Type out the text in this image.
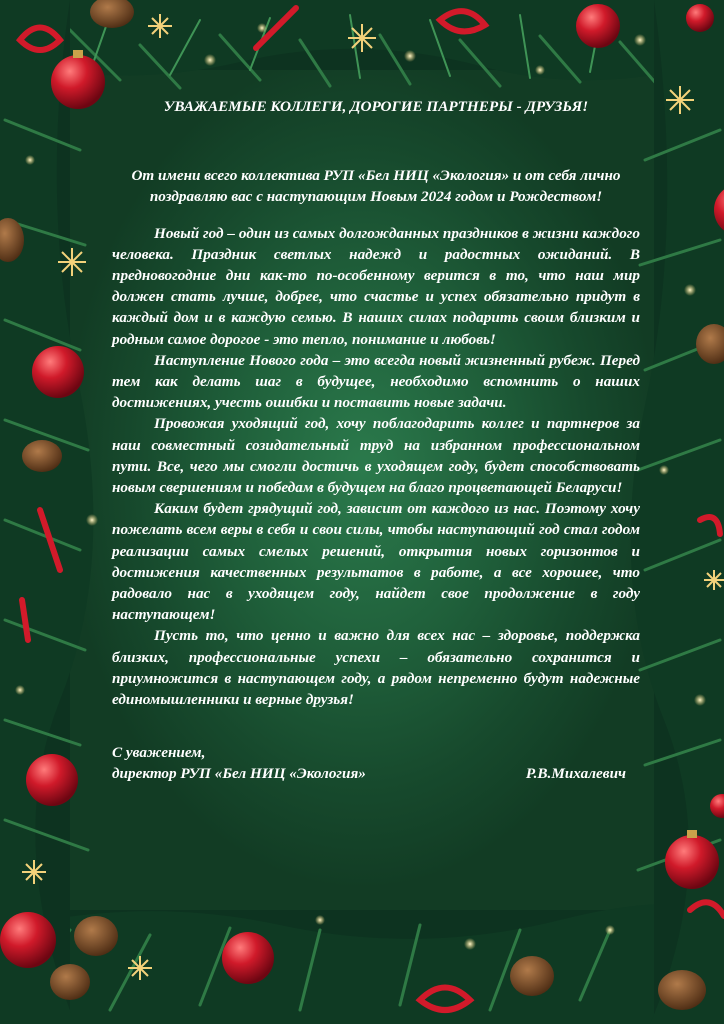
УВАЖАЕМЫЕ КОЛЛЕГИ, ДОРОГИЕ ПАРТНЕРЫ - ДРУЗЬЯ!

От имени всего коллектива РУП «Бел НИЦ «Экология» и от себя лично поздравляю вас с наступающим Новым 2024 годом и Рождеством!

Новый год – один из самых долгожданных праздников в жизни каждого человека. Праздник светлых надежд и радостных ожиданий. В предновогодние дни как-то по-особенному верится в то, что наш мир должен стать лучше, добрее, что счастье и успех обязательно придут в каждый дом и в каждую семью. В наших силах подарить своим близким и родным самое дорогое - это тепло, понимание и любовь!

Наступление Нового года – это всегда новый жизненный рубеж. Перед тем как делать шаг в будущее, необходимо вспомнить о наших достижениях, учесть ошибки и поставить новые задачи.

Провожая уходящий год, хочу поблагодарить коллег и партнеров за наш совместный созидательный труд на избранном профессиональном пути. Все, чего мы смогли достичь в уходящем году, будет способствовать новым свершениям и победам в будущем на благо процветающей Беларуси!

Каким будет грядущий год, зависит от каждого из нас. Поэтому хочу пожелать всем веры в себя и свои силы, чтобы наступающий год стал годом реализации самых смелых решений, открытия новых горизонтов и достижения качественных результатов в работе, а все хорошее, что радовало нас в уходящем году, найдет свое продолжение в году наступающем!

Пусть то, что ценно и важно для всех нас – здоровье, поддержка близких, профессиональные успехи – обязательно сохранится и приумножится в наступающем году, а рядом непременно будут надежные единомышленники и верные друзья!

С уважением,

директор РУП «Бел НИЦ «Экология»	Р.В.Михалевич
